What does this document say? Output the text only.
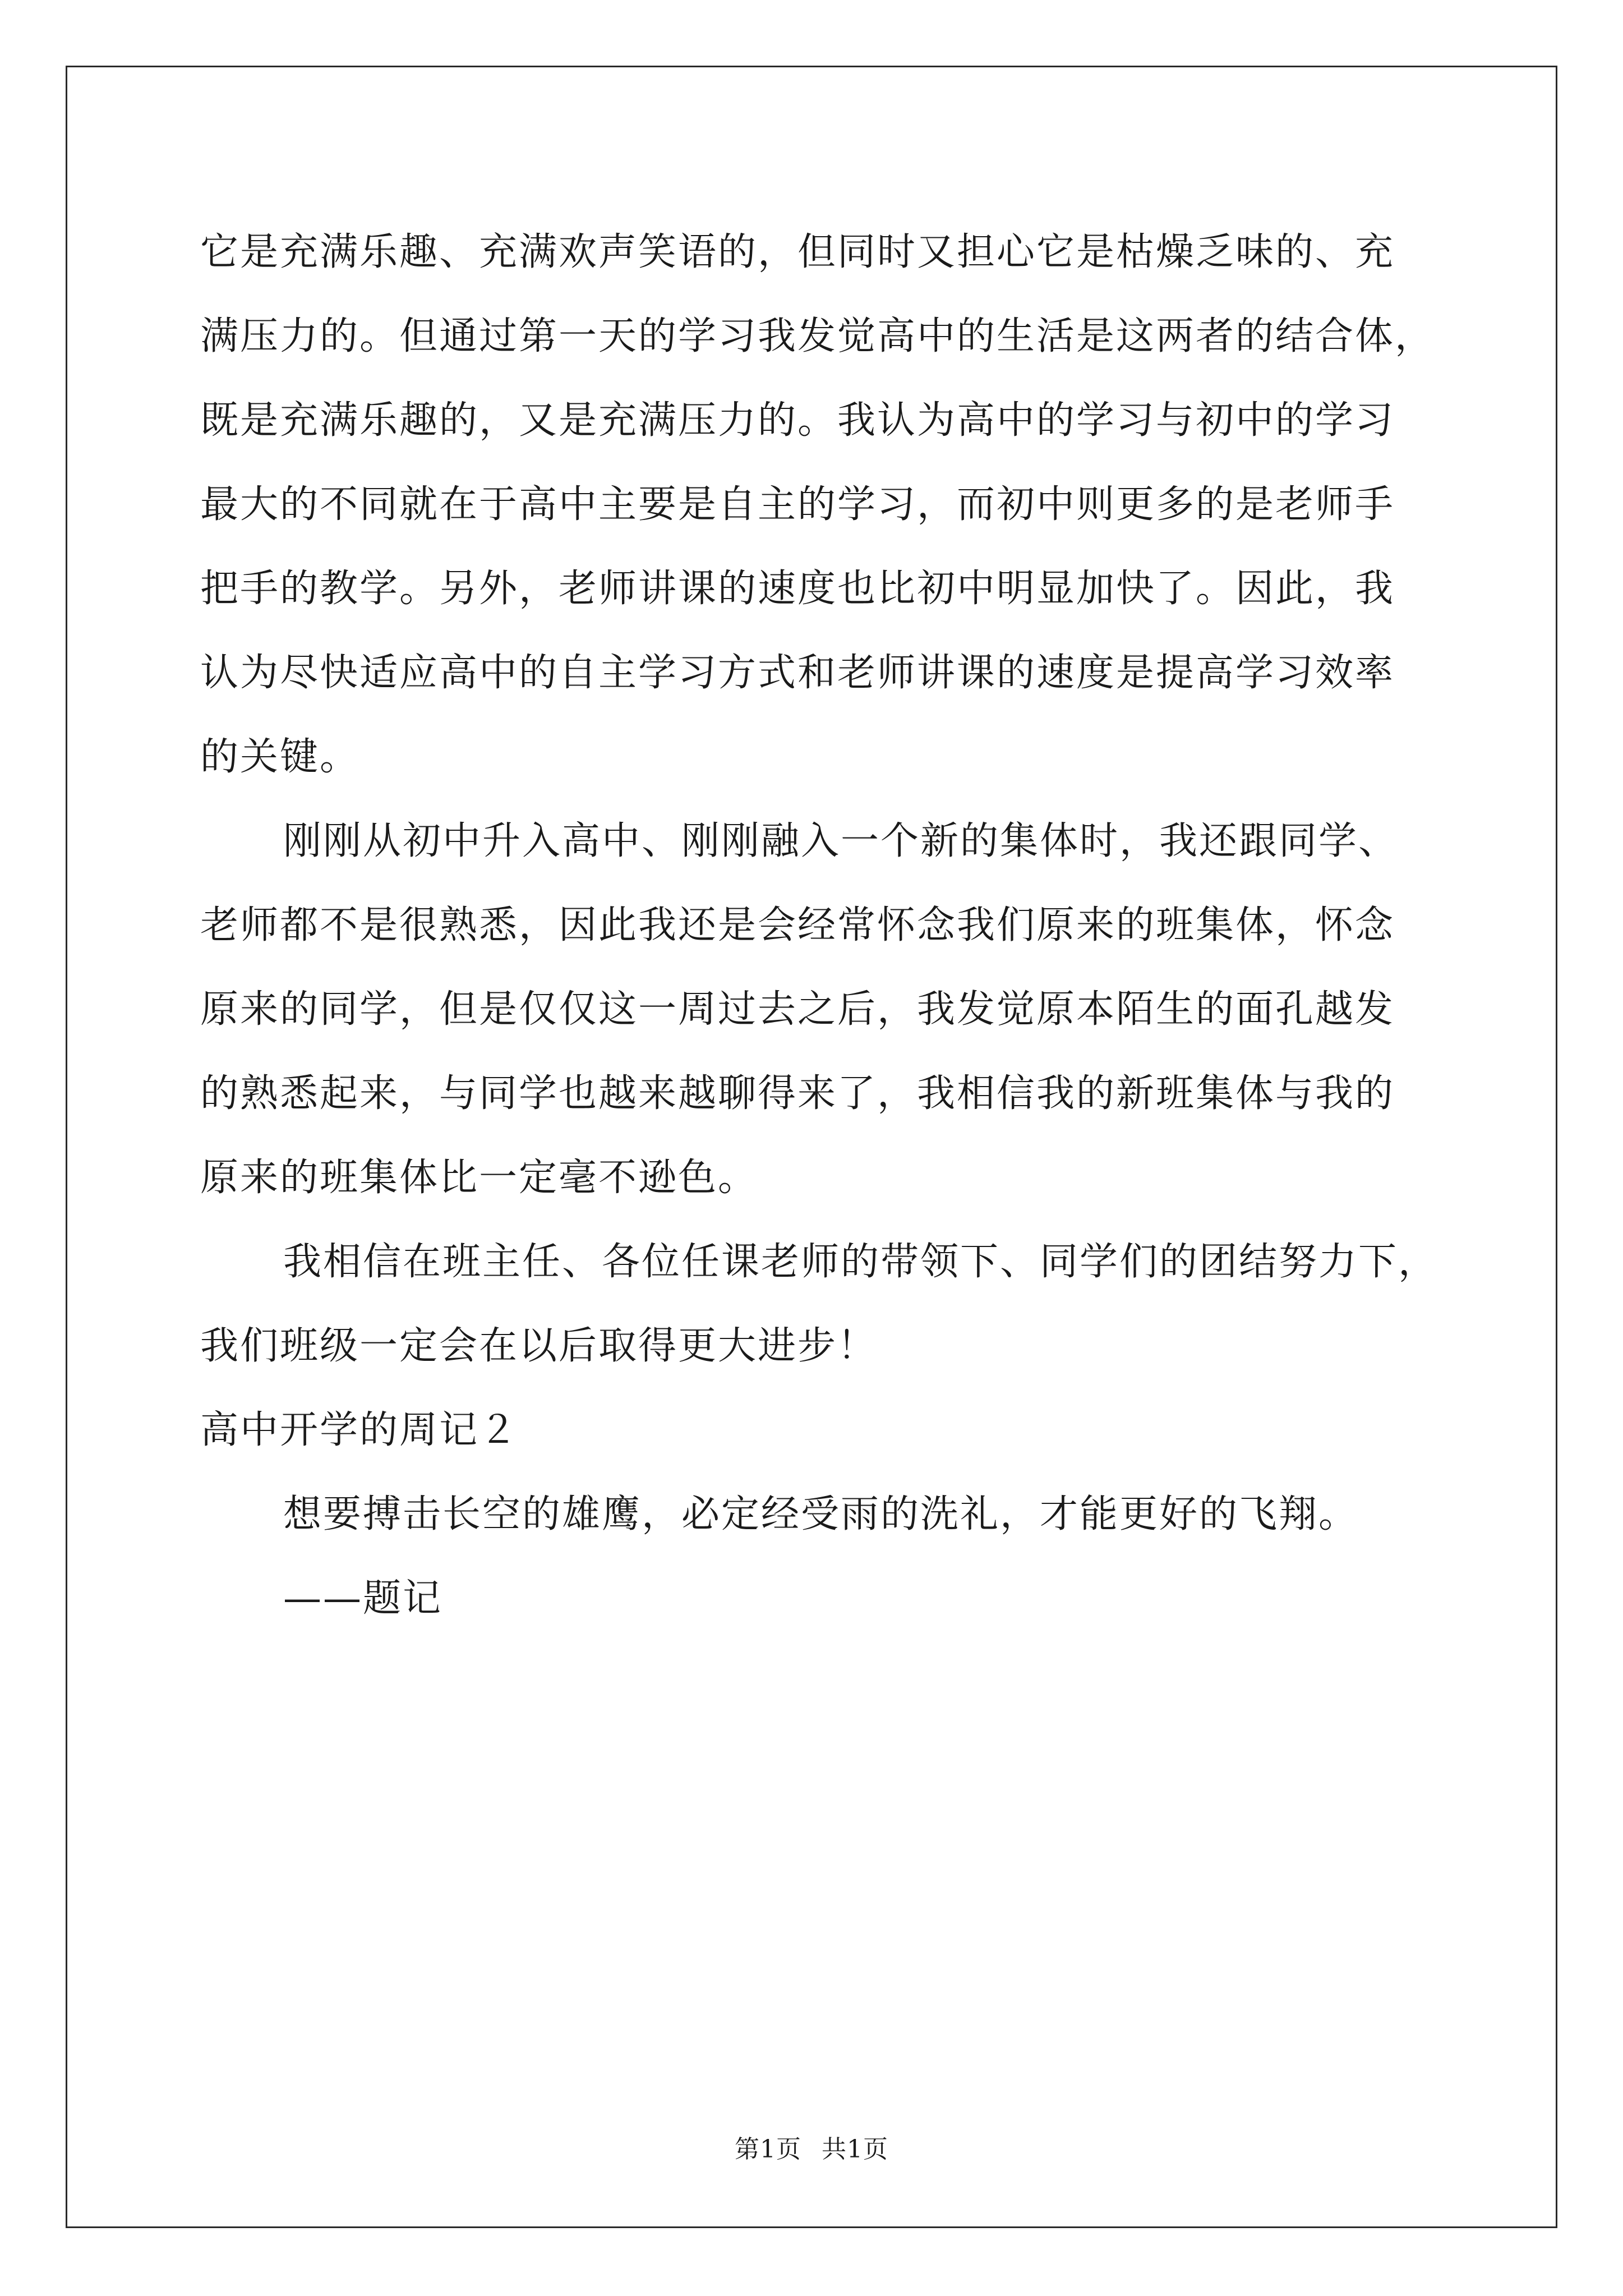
它是充满乐趣、充满欢声笑语的，但同时又担心它是枯燥乏味的、充

满压力的。但通过第一天的学习我发觉高中的生活是这两者的结合体，

既是充满乐趣的，又是充满压力的。我认为高中的学习与初中的学习

最大的不同就在于高中主要是自主的学习，而初中则更多的是老师手

把手的教学。另外，老师讲课的速度也比初中明显加快了。因此，我

认为尽快适应高中的自主学习方式和老师讲课的速度是提高学习效率

的关键。

刚刚从初中升入高中、刚刚融入一个新的集体时，我还跟同学、

老师都不是很熟悉，因此我还是会经常怀念我们原来的班集体，怀念

原来的同学，但是仅仅这一周过去之后，我发觉原本陌生的面孔越发

的熟悉起来，与同学也越来越聊得来了，我相信我的新班集体与我的

原来的班集体比一定毫不逊色。

我相信在班主任、各位任课老师的带领下、同学们的团结努力下，

我们班级一定会在以后取得更大进步！

高中开学的周记２

想要搏击长空的雄鹰，必定经受雨的洗礼，才能更好的飞翔。

——题记

第1页 共1页
